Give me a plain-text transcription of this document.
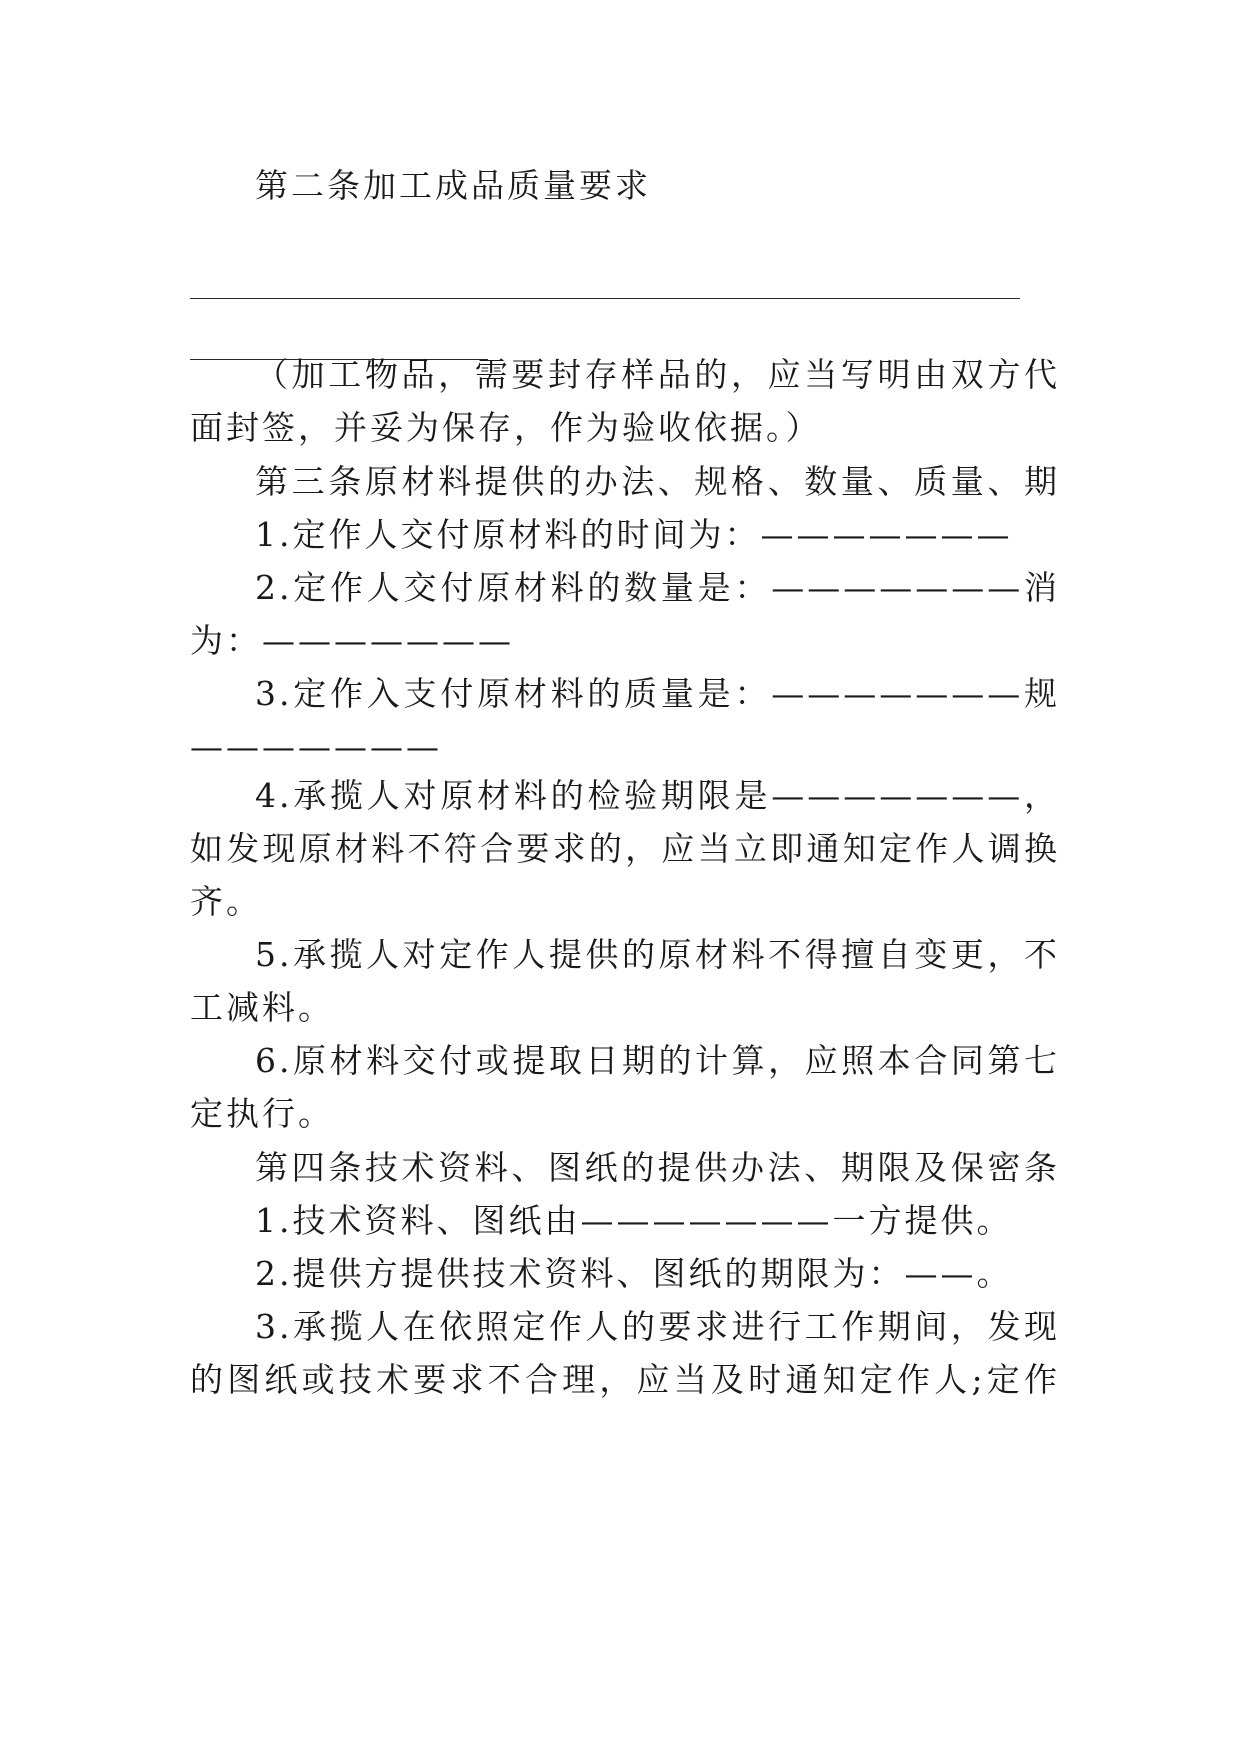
第二条加工成品质量要求
（加工物品，需要封存样品的，应当写明由双方代
面封签，并妥为保存，作为验收依据。）
第三条原材料提供的办法、规格、数量、质量、期
1.定作人交付原材料的时间为：———————
2.定作人交付原材料的数量是：———————消
为：———————
3.定作入支付原材料的质量是：———————规
———————
4.承揽人对原材料的检验期限是———————，
如发现原材料不符合要求的，应当立即通知定作人调换
齐。
5.承揽人对定作人提供的原材料不得擅自变更，不
工减料。
6.原材料交付或提取日期的计算，应照本合同第七
定执行。
第四条技术资料、图纸的提供办法、期限及保密条
1.技术资料、图纸由———————一方提供。
2.提供方提供技术资料、图纸的期限为：——。
3.承揽人在依照定作人的要求进行工作期间，发现
的图纸或技术要求不合理，应当及时通知定作人;定作
